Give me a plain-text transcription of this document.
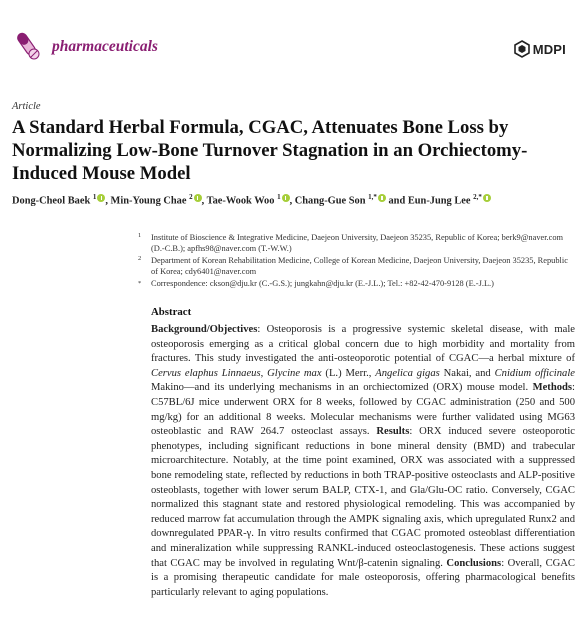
pharmaceuticals	MDPI
Article
A Standard Herbal Formula, CGAC, Attenuates Bone Loss by Normalizing Low-Bone Turnover Stagnation in an Orchiectomy-Induced Mouse Model
Dong-Cheol Baek $^1$ , Min-Young Chae $^2$ , Tae-Wook Woo $^1$ , Chang-Gue Son $^{1,*}$ and Eun-Jung Lee $^{2,*}$
1 Institute of Bioscience & Integrative Medicine, Daejeon University, Daejeon 35235, Republic of Korea; berk9@naver.com (D.-C.B.); apfhs98@naver.com (T.-W.W.)
2 Department of Korean Rehabilitation Medicine, College of Korean Medicine, Daejeon University, Daejeon 35235, Republic of Korea; cdy6401@naver.com
* Correspondence: ckson@dju.kr (C.-G.S.); jungkahn@dju.kr (E.-J.L.); Tel.: +82-42-470-9128 (E.-J.L.)
Abstract

Background/Objectives: Osteoporosis is a progressive systemic skeletal disease, with male osteoporosis emerging as a critical global concern due to high morbidity and mortality from fractures. This study investigated the anti-osteoporotic potential of CGAC—a herbal mixture of Cervus elaphus Linnaeus, Glycine max (L.) Merr., Angelica gigas Nakai, and Cnidium officinale Makino—and its underlying mechanisms in an orchiectomized (ORX) mouse model. Methods: C57BL/6J mice underwent ORX for 8 weeks, followed by CGAC administration (250 and 500 mg/kg) for an additional 8 weeks. Molecular mechanisms were further validated using MG63 osteoblastic and RAW 264.7 osteoclast assays. Results: ORX induced severe osteoporotic phenotypes, including significant reductions in bone mineral density (BMD) and trabecular microarchitecture. Notably, at the time point examined, ORX was associated with a suppressed bone remodeling state, reflected by reductions in both TRAP-positive osteoclasts and ALP-positive osteoblasts, together with lower serum BALP, CTX-1, and Gla/Glu-OC ratio. Conversely, CGAC normalized this stagnant state and restored physiological remodeling. This was accompanied by reduced marrow fat accumulation through the AMPK signaling axis, which upregulated Runx2 and downregulated PPAR-γ. In vitro results confirmed that CGAC promoted osteoblast differentiation and mineralization while suppressing RANKL-induced osteoclastogenesis. These actions suggest that CGAC may be involved in regulating Wnt/β-catenin signaling. Conclusions: Overall, CGAC is a promising therapeutic candidate for male osteoporosis, offering pharmacological benefits particularly relevant to aging populations.
